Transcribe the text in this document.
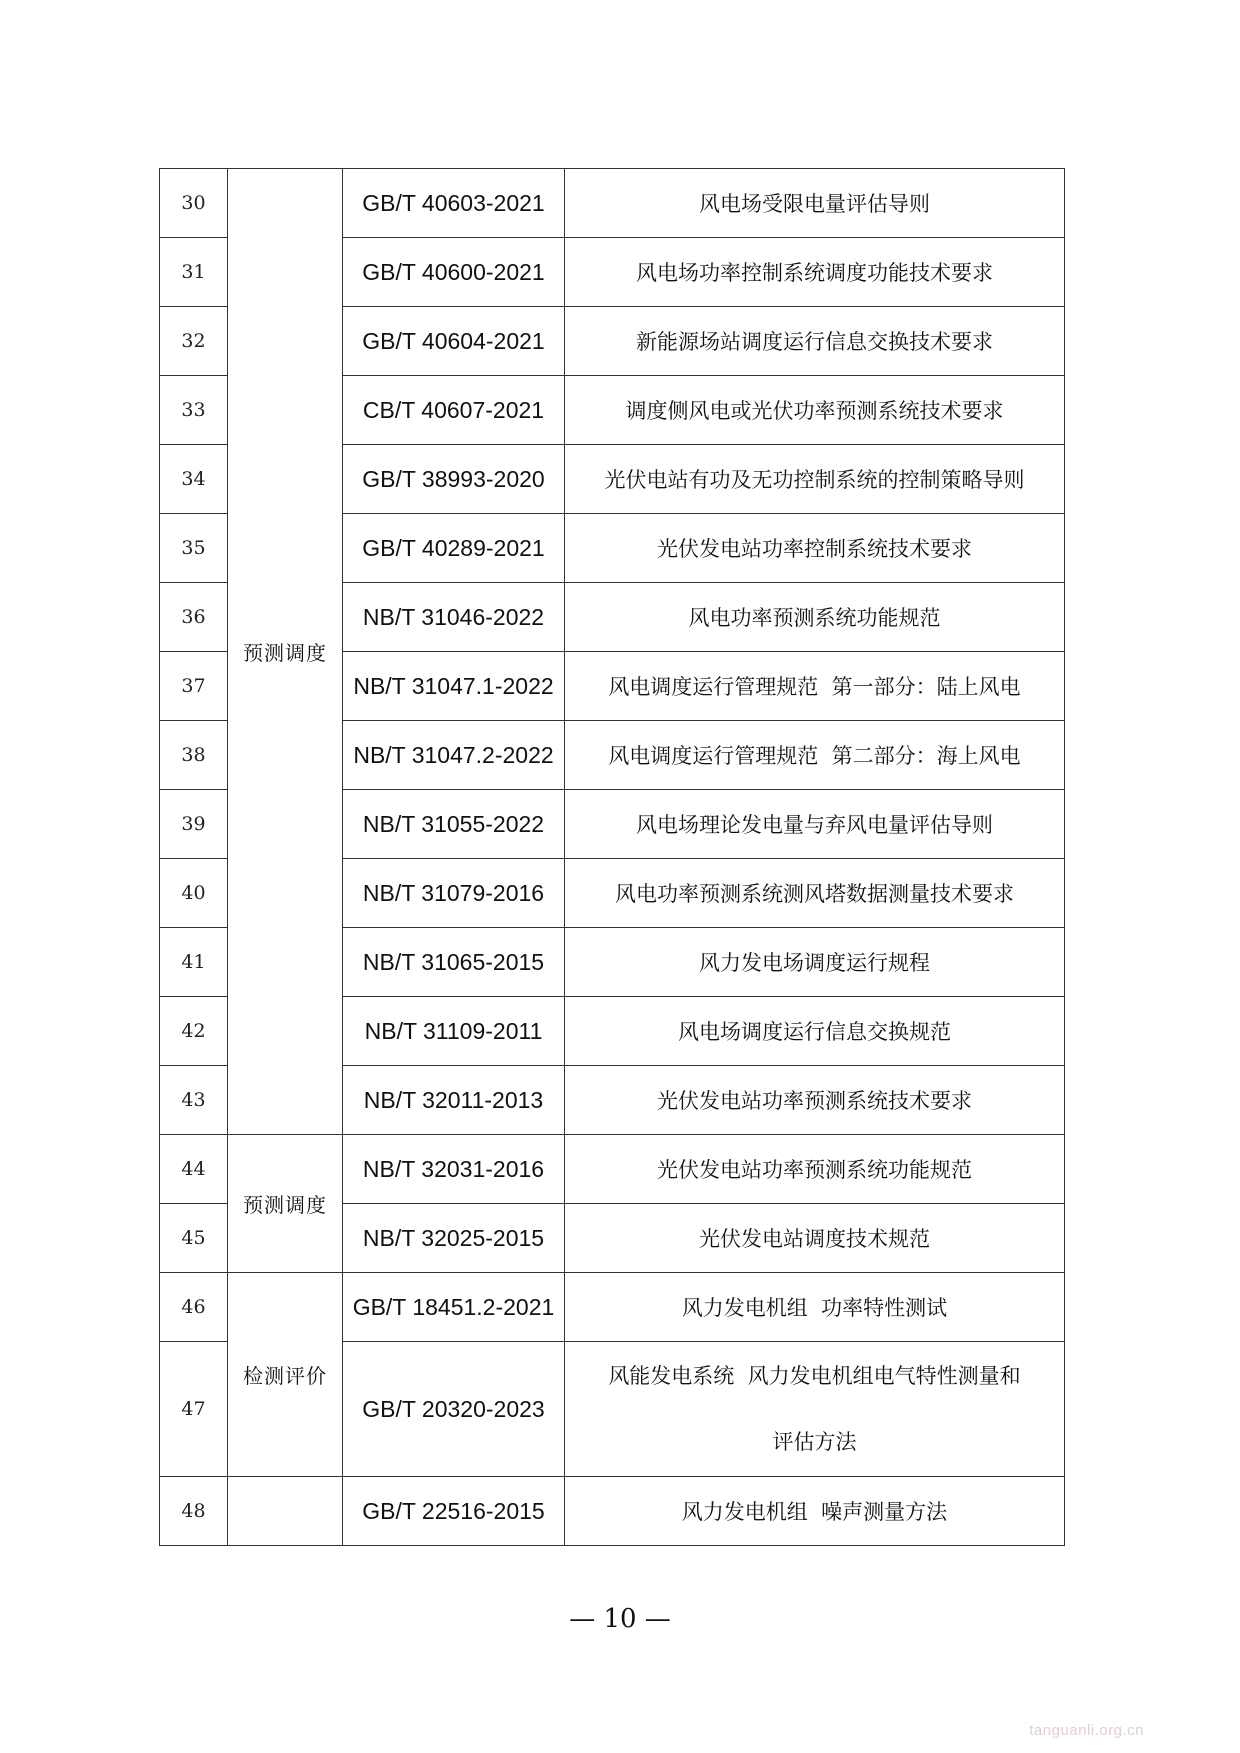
30	预测调度	GB/T 40603-2021	风电场受限电量评估导则
31		GB/T 40600-2021	风电场功率控制系统调度功能技术要求
32		GB/T 40604-2021	新能源场站调度运行信息交换技术要求
33		CB/T 40607-2021	调度侧风电或光伏功率预测系统技术要求
34		GB/T 38993-2020	光伏电站有功及无功控制系统的控制策略导则
35		GB/T 40289-2021	光伏发电站功率控制系统技术要求
36		NB/T 31046-2022	风电功率预测系统功能规范
37		NB/T 31047.1-2022	风电调度运行管理规范  第一部分：陆上风电
38		NB/T 31047.2-2022	风电调度运行管理规范  第二部分：海上风电
39		NB/T 31055-2022	风电场理论发电量与弃风电量评估导则
40		NB/T 31079-2016	风电功率预测系统测风塔数据测量技术要求
41		NB/T 31065-2015	风力发电场调度运行规程
42		NB/T 31109-2011	风电场调度运行信息交换规范
43		NB/T 32011-2013	光伏发电站功率预测系统技术要求
44	预测调度	NB/T 32031-2016	光伏发电站功率预测系统功能规范
45		NB/T 32025-2015	光伏发电站调度技术规范
46	检测评价	GB/T 18451.2-2021	风力发电机组  功率特性测试
47		GB/T 20320-2023	风能发电系统  风力发电机组电气特性测量和
评估方法
48		GB/T 22516-2015	风力发电机组  噪声测量方法
— 10 —
tanguanli.org.cn
